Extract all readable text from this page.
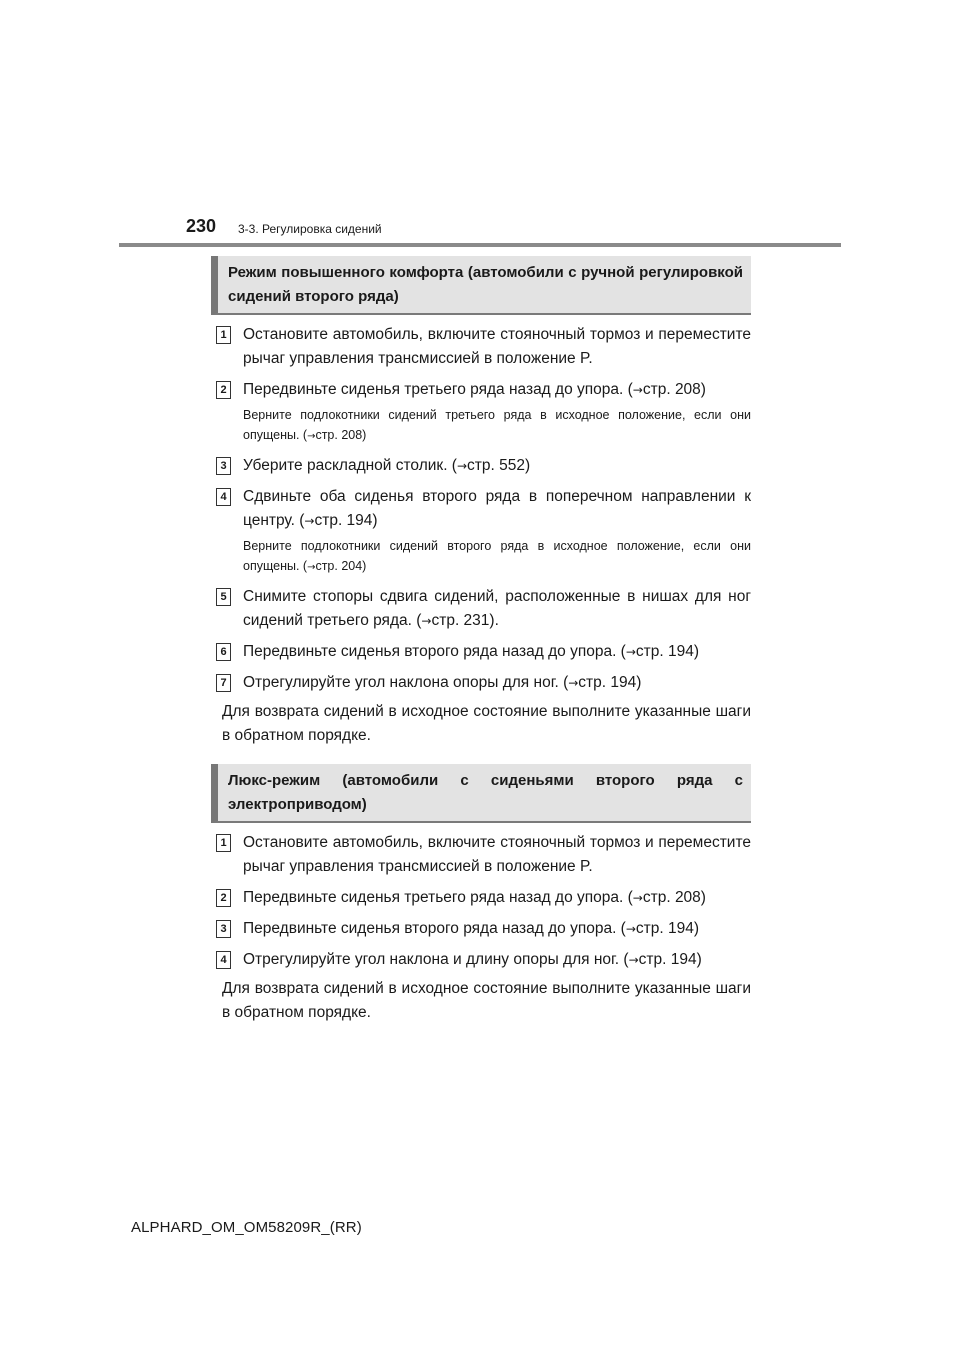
230 3-3. Регулировка сидений
Режим повышенного комфорта (автомобили с ручной регулировкой сидений второго ряда)
1 Остановите автомобиль, включите стояночный тормоз и переместите рычаг управления трансмиссией в положение P.
2 Передвиньте сиденья третьего ряда назад до упора. (→стр. 208)
Верните подлокотники сидений третьего ряда в исходное положение, если они опущены. (→стр. 208)
3 Уберите раскладной столик. (→стр. 552)
4 Сдвиньте оба сиденья второго ряда в поперечном направлении к центру. (→стр. 194)
Верните подлокотники сидений второго ряда в исходное положение, если они опущены. (→стр. 204)
5 Снимите стопоры сдвига сидений, расположенные в нишах для ног сидений третьего ряда. (→стр. 231).
6 Передвиньте сиденья второго ряда назад до упора. (→стр. 194)
7 Отрегулируйте угол наклона опоры для ног. (→стр. 194)
Для возврата сидений в исходное состояние выполните указанные шаги в обратном порядке.
Люкс-режим (автомобили с сиденьями второго ряда с электроприводом)
1 Остановите автомобиль, включите стояночный тормоз и переместите рычаг управления трансмиссией в положение P.
2 Передвиньте сиденья третьего ряда назад до упора. (→стр. 208)
3 Передвиньте сиденья второго ряда назад до упора. (→стр. 194)
4 Отрегулируйте угол наклона и длину опоры для ног. (→стр. 194)
Для возврата сидений в исходное состояние выполните указанные шаги в обратном порядке.
ALPHARD_OM_OM58209R_(RR)
